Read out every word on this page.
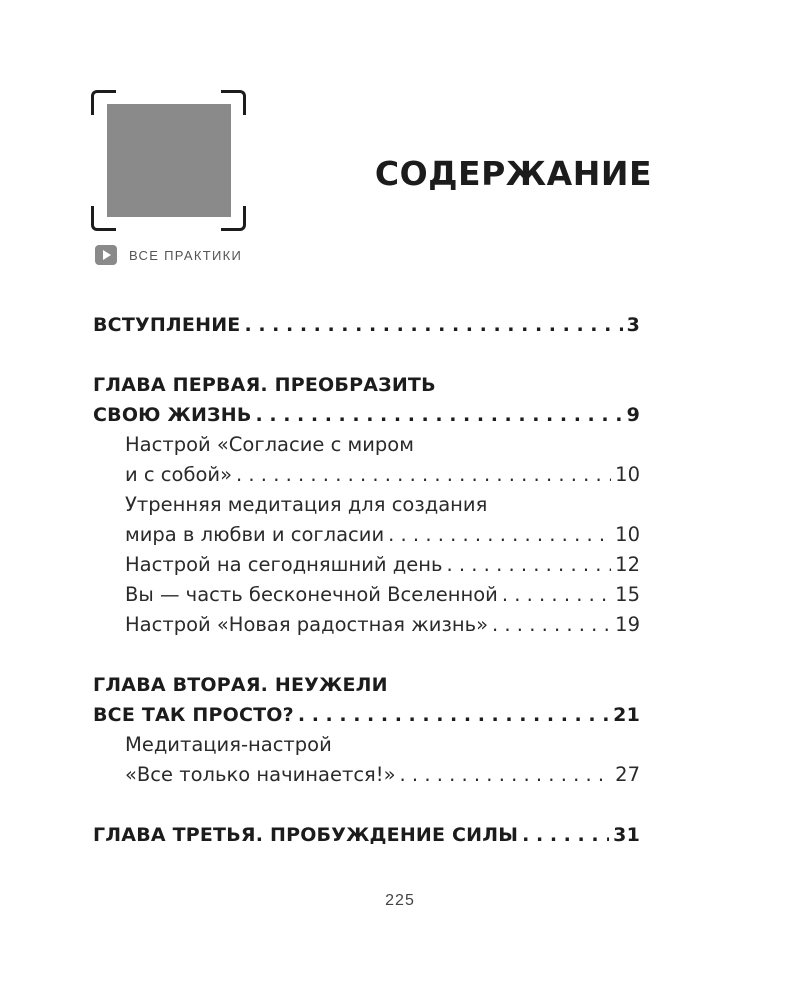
ВСЕ ПРАКТИКИ
СОДЕРЖАНИЕ
ВСТУПЛЕНИЕ . . .	3
ГЛАВА ПЕРВАЯ. ПРЕОБРАЗИТЬ
СВОЮ ЖИЗНЬ . . .	9
Настрой «Согласие с миром
и с собой» . . .	10
Утренняя медитация для создания
мира в любви и согласии . . .	10
Настрой на сегодняшний день . . .	12
Вы — часть бесконечной Вселенной . . .	15
Настрой «Новая радостная жизнь» . . .	19
ГЛАВА ВТОРАЯ. НЕУЖЕЛИ
ВСЕ ТАК ПРОСТО? . . .	21
Медитация-настрой
«Все только начинается!» . . .	27
ГЛАВА ТРЕТЬЯ. ПРОБУЖДЕНИЕ СИЛЫ . . .	31
225
